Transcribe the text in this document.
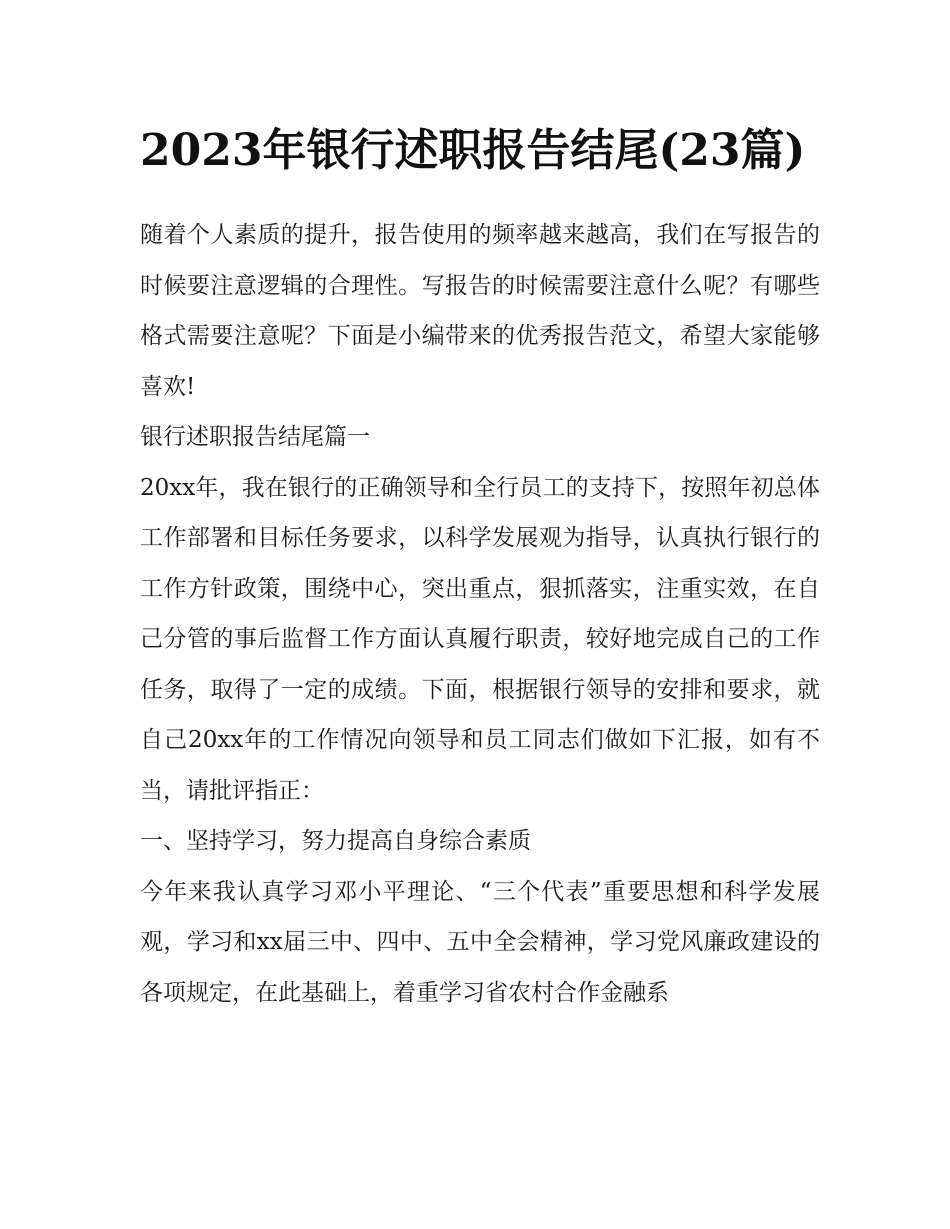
2023年银行述职报告结尾(23篇)

随着个人素质的提升，报告使用的频率越来越高，我们在写报告的时候要注意逻辑的合理性。写报告的时候需要注意什么呢？有哪些格式需要注意呢？下面是小编带来的优秀报告范文，希望大家能够喜欢!

银行述职报告结尾篇一

20xx年，我在银行的正确领导和全行员工的支持下，按照年初总体工作部署和目标任务要求，以科学发展观为指导，认真执行银行的工作方针政策，围绕中心，突出重点，狠抓落实，注重实效，在自己分管的事后监督工作方面认真履行职责，较好地完成自己的工作任务，取得了一定的成绩。下面，根据银行领导的安排和要求，就自己20xx年的工作情况向领导和员工同志们做如下汇报，如有不当，请批评指正：

一、坚持学习，努力提高自身综合素质

今年来我认真学习邓小平理论、“三个代表”重要思想和科学发展观，学习和xx届三中、四中、五中全会精神，学习党风廉政建设的各项规定，在此基础上，着重学习省农村合作金融系
